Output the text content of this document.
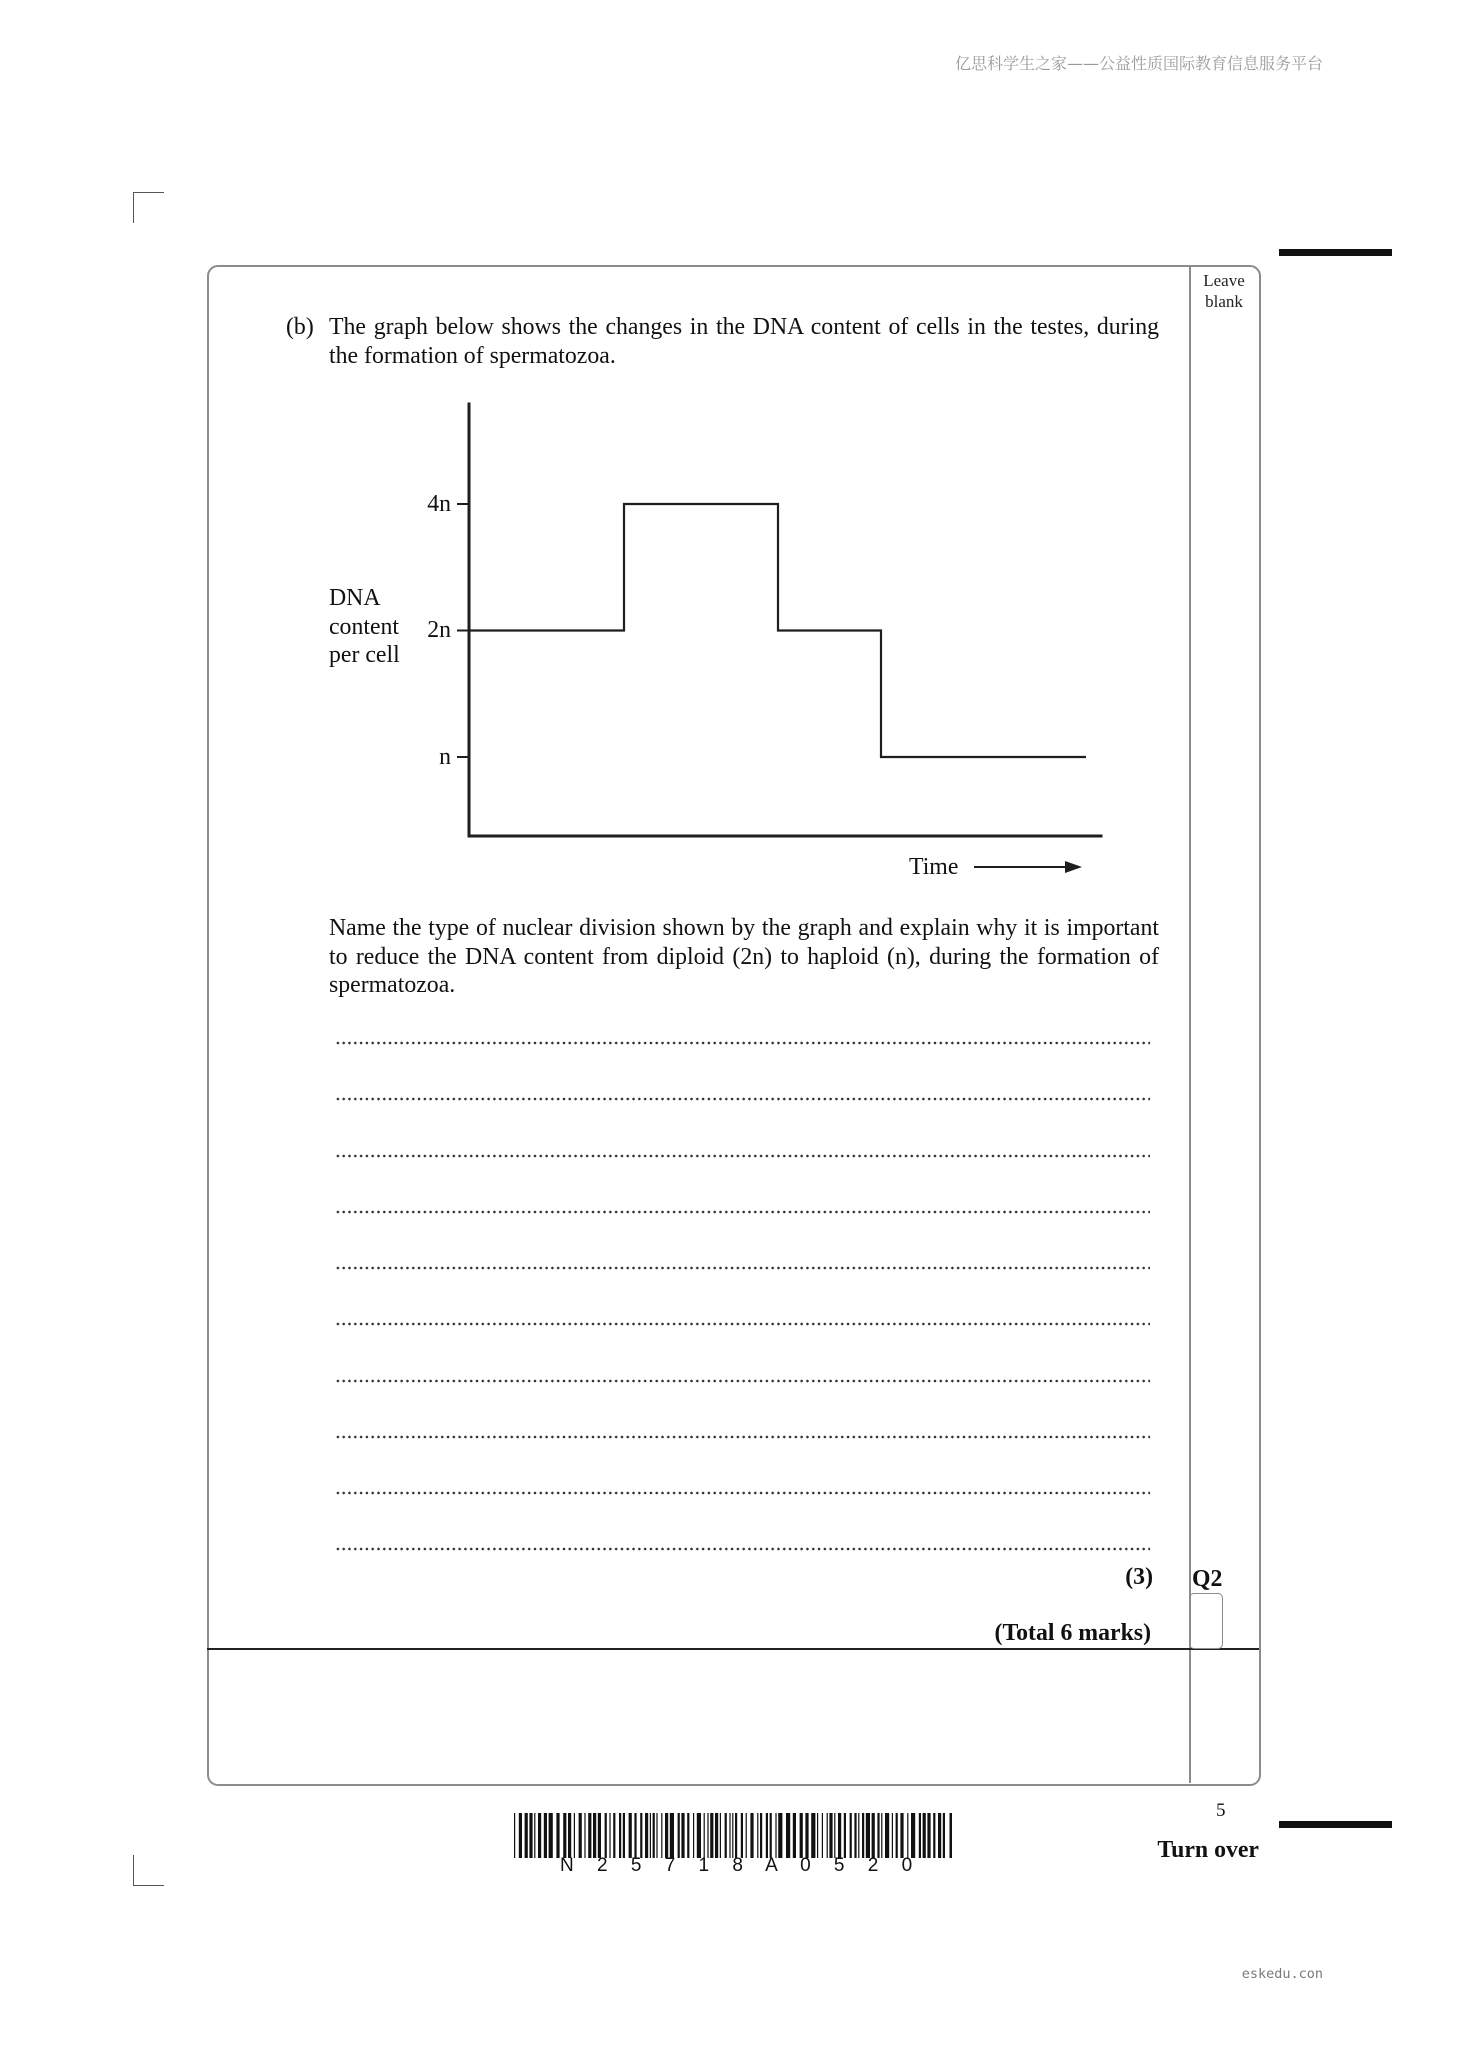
亿思科学生之家——公益性质国际教育信息服务平台
Leave blank
(b) The graph below shows the changes in the DNA content of cells in the testes, during the formation of spermatozoa.
DNA
content
per cell
n
2n
4n
Time
Name the type of nuclear division shown by the graph and explain why it is important to reduce the DNA content from diploid (2n) to haploid (n), during the formation of spermatozoa.
(3) Q2
(Total 6 marks)
N 2 5 7 1 8 A 0 5 2 0
5
Turn over
eskedu.con
